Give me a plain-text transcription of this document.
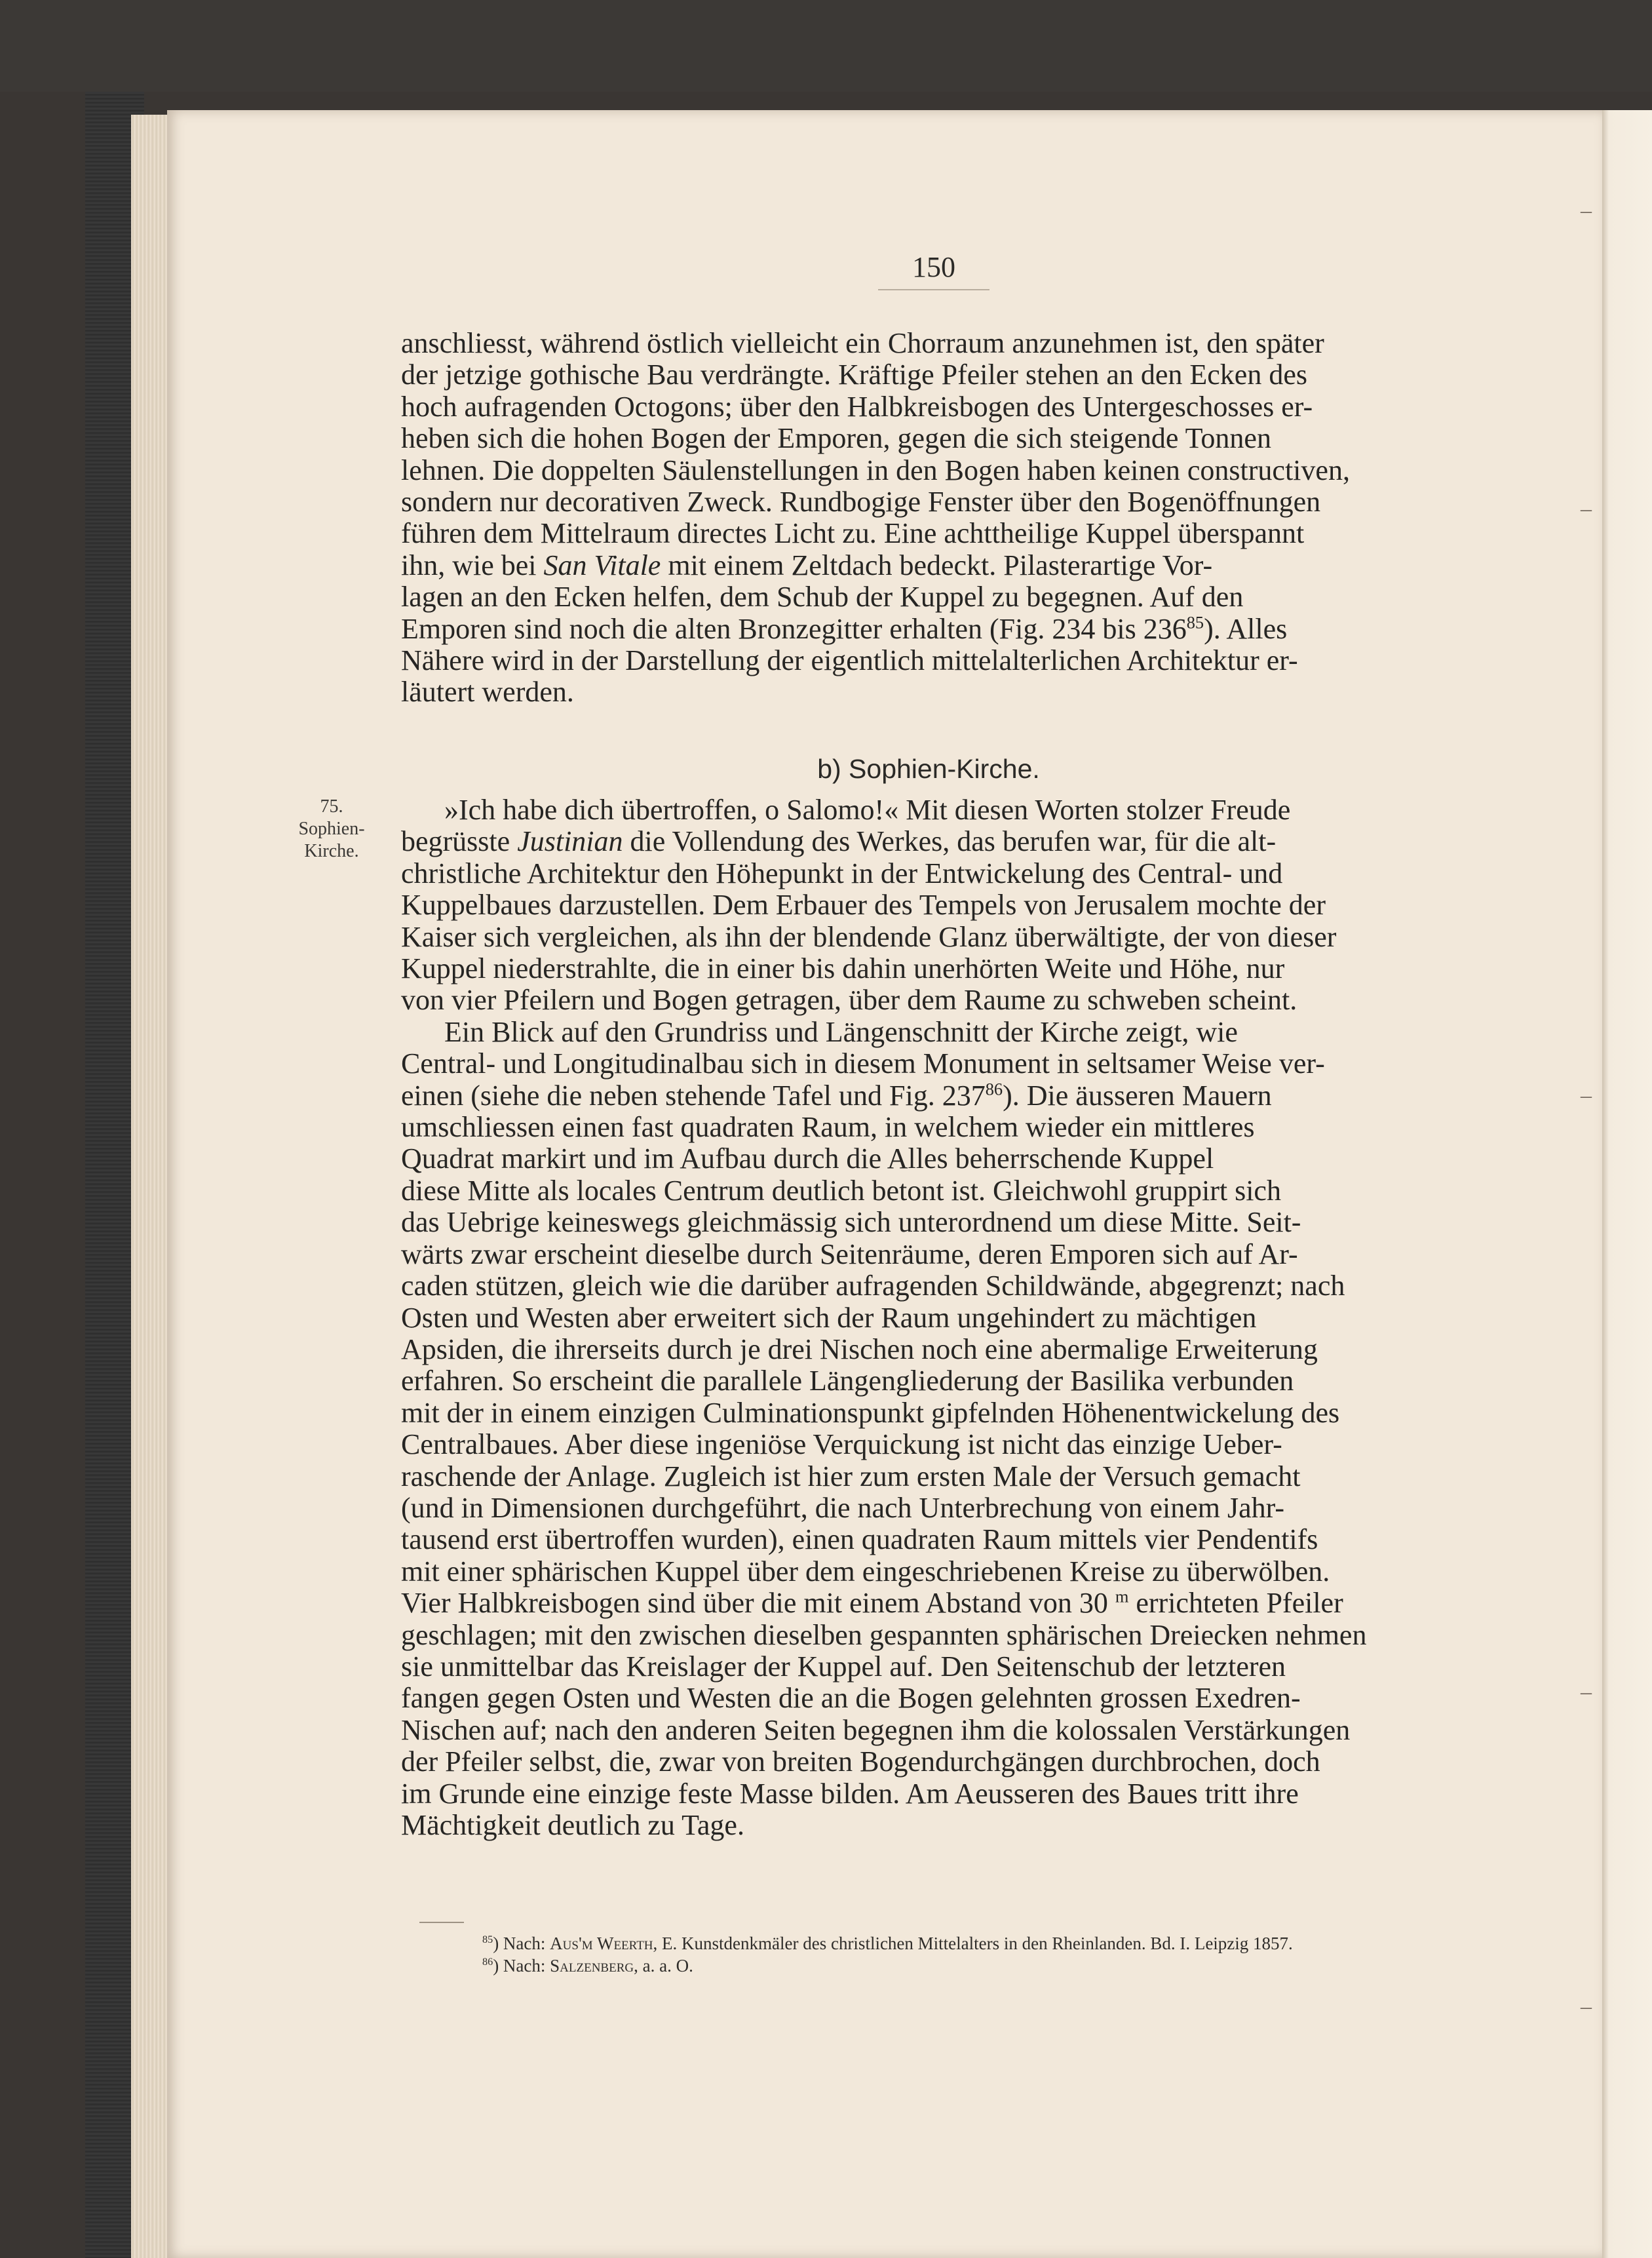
–
–
–
–
–
150

anschliesst, während östlich vielleicht ein Chorraum anzunehmen ist, den später

der jetzige gothische Bau verdrängte. Kräftige Pfeiler stehen an den Ecken des

hoch aufragenden Octogons; über den Halbkreisbogen des Untergeschosses er-

heben sich die hohen Bogen der Emporen, gegen die sich steigende Tonnen

lehnen. Die doppelten Säulenstellungen in den Bogen haben keinen constructiven,

sondern nur decorativen Zweck. Rundbogige Fenster über den Bogenöffnungen

führen dem Mittelraum directes Licht zu. Eine achttheilige Kuppel überspannt

ihn, wie bei San Vitale mit einem Zeltdach bedeckt. Pilasterartige Vor-

lagen an den Ecken helfen, dem Schub der Kuppel zu begegnen. Auf den

Emporen sind noch die alten Bronzegitter erhalten (Fig. 234 bis $236^{85}$). Alles

Nähere wird in der Darstellung der eigentlich mittelalterlichen Architektur er-

läutert werden.

b) Sophien-Kirche.
75.
Sophien-
Kirche.

»Ich habe dich übertroffen, o Salomo!« Mit diesen Worten stolzer Freude

begrüsste Justinian die Vollendung des Werkes, das berufen war, für die alt-

christliche Architektur den Höhepunkt in der Entwickelung des Central- und

Kuppelbaues darzustellen. Dem Erbauer des Tempels von Jerusalem mochte der

Kaiser sich vergleichen, als ihn der blendende Glanz überwältigte, der von dieser

Kuppel niederstrahlte, die in einer bis dahin unerhörten Weite und Höhe, nur

von vier Pfeilern und Bogen getragen, über dem Raume zu schweben scheint.

Ein Blick auf den Grundriss und Längenschnitt der Kirche zeigt, wie

Central- und Longitudinalbau sich in diesem Monument in seltsamer Weise ver-

einen (siehe die neben stehende Tafel und Fig. $237^{86}$). Die äusseren Mauern

umschliessen einen fast quadraten Raum, in welchem wieder ein mittleres

Quadrat markirt und im Aufbau durch die Alles beherrschende Kuppel

diese Mitte als locales Centrum deutlich betont ist. Gleichwohl gruppirt sich

das Uebrige keineswegs gleichmässig sich unterordnend um diese Mitte. Seit-

wärts zwar erscheint dieselbe durch Seitenräume, deren Emporen sich auf Ar-

caden stützen, gleich wie die darüber aufragenden Schildwände, abgegrenzt; nach

Osten und Westen aber erweitert sich der Raum ungehindert zu mächtigen

Apsiden, die ihrerseits durch je drei Nischen noch eine abermalige Erweiterung

erfahren. So erscheint die parallele Längengliederung der Basilika verbunden

mit der in einem einzigen Culminationspunkt gipfelnden Höhenentwickelung des

Centralbaues. Aber diese ingeniöse Verquickung ist nicht das einzige Ueber-

raschende der Anlage. Zugleich ist hier zum ersten Male der Versuch gemacht

(und in Dimensionen durchgeführt, die nach Unterbrechung von einem Jahr-

tausend erst übertroffen wurden), einen quadraten Raum mittels vier Pendentifs

mit einer sphärischen Kuppel über dem eingeschriebenen Kreise zu überwölben.

Vier Halbkreisbogen sind über die mit einem Abstand von 30 $^m$ errichteten Pfeiler

geschlagen; mit den zwischen dieselben gespannten sphärischen Dreiecken nehmen

sie unmittelbar das Kreislager der Kuppel auf. Den Seitenschub der letzteren

fangen gegen Osten und Westen die an die Bogen gelehnten grossen Exedren-

Nischen auf; nach den anderen Seiten begegnen ihm die kolossalen Verstärkungen

der Pfeiler selbst, die, zwar von breiten Bogendurchgängen durchbrochen, doch

im Grunde eine einzige feste Masse bilden. Am Aeusseren des Baues tritt ihre

Mächtigkeit deutlich zu Tage.

$^{85}$) Nach: Aus'm Weerth, E. Kunstdenkmäler des christlichen Mittelalters in den Rheinlanden. Bd. I. Leipzig 1857.
$^{86}$) Nach: Salzenberg, a. a. O.
